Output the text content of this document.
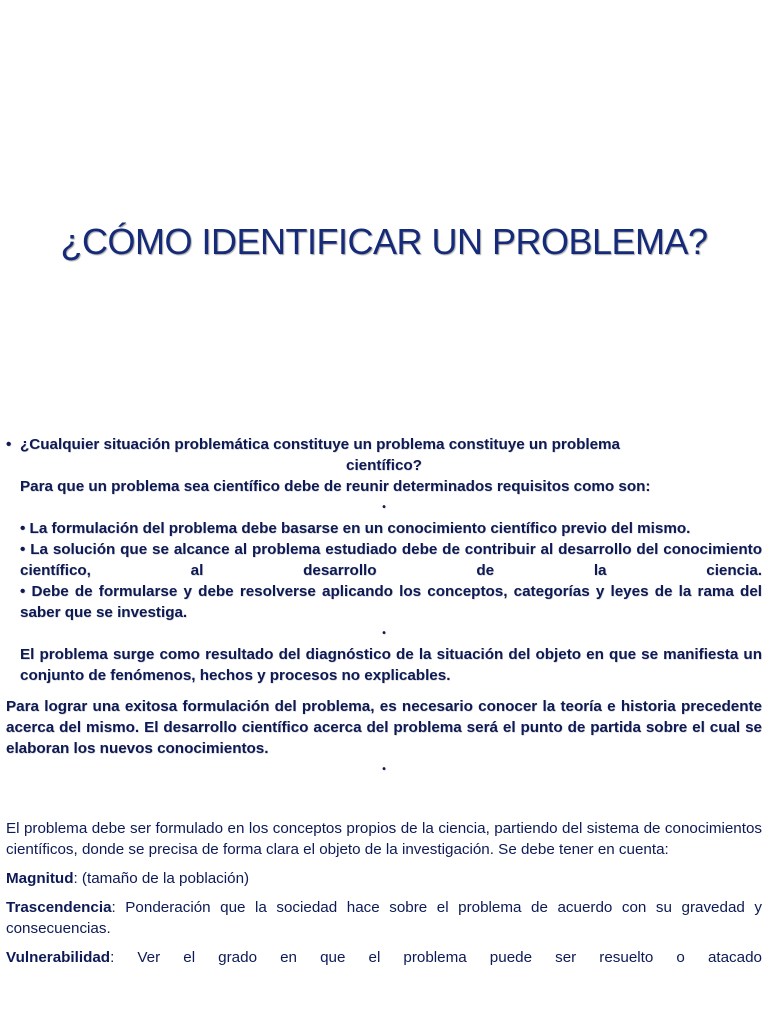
¿CÓMO IDENTIFICAR UN PROBLEMA?
• ¿Cualquier situación problemática constituye un problema constituye un problema

científico?

Para que un problema sea científico debe de reunir determinados requisitos como son:

•

• La formulación del problema debe basarse en un conocimiento científico previo del mismo.

• La solución que se alcance al problema estudiado debe de contribuir al desarrollo del conocimiento científico, al desarrollo de la ciencia.

• Debe de formularse y debe resolverse aplicando los conceptos, categorías y leyes de la rama del saber que se investiga.

•

El problema surge como resultado del diagnóstico de la situación del objeto en que se manifiesta un conjunto de fenómenos, hechos y procesos no explicables.

Para lograr una exitosa formulación del problema, es necesario conocer la teoría e historia precedente acerca del mismo. El desarrollo científico acerca del problema será el punto de partida sobre el cual se elaboran los nuevos conocimientos.

•

El problema debe ser formulado en los conceptos propios de la ciencia, partiendo del sistema de conocimientos científicos, donde se precisa de forma clara el objeto de la investigación. Se debe tener en cuenta:

Magnitud: (tamaño de la población)

Trascendencia: Ponderación que la sociedad hace sobre el problema de acuerdo con su gravedad y consecuencias.

Vulnerabilidad: Ver el grado en que el problema puede ser resuelto o atacado
